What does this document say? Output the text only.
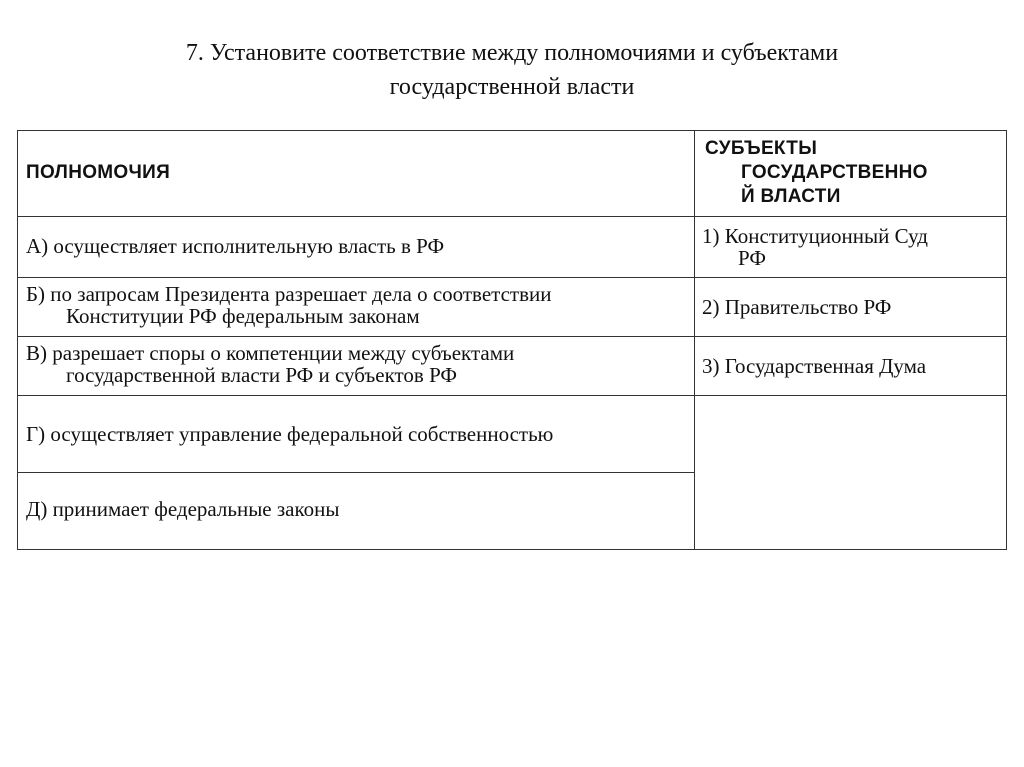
7. Установите соответствие между полномочиями и субъектами

государственной власти
ПОЛНОМОЧИЯ
СУБЪЕКТЫ
ГОСУДАРСТВЕННО
Й ВЛАСТИ
А) осуществляет исполнительную власть в РФ
Б) по запросам Президента разрешает дела о соответствии
Конституции РФ федеральным законам
В) разрешает споры о компетенции между субъектами
государственной власти РФ и субъектов РФ
Г) осуществляет управление федеральной собственностью
Д) принимает федеральные законы
1) Конституционный Суд
РФ
2) Правительство РФ
3) Государственная Дума
